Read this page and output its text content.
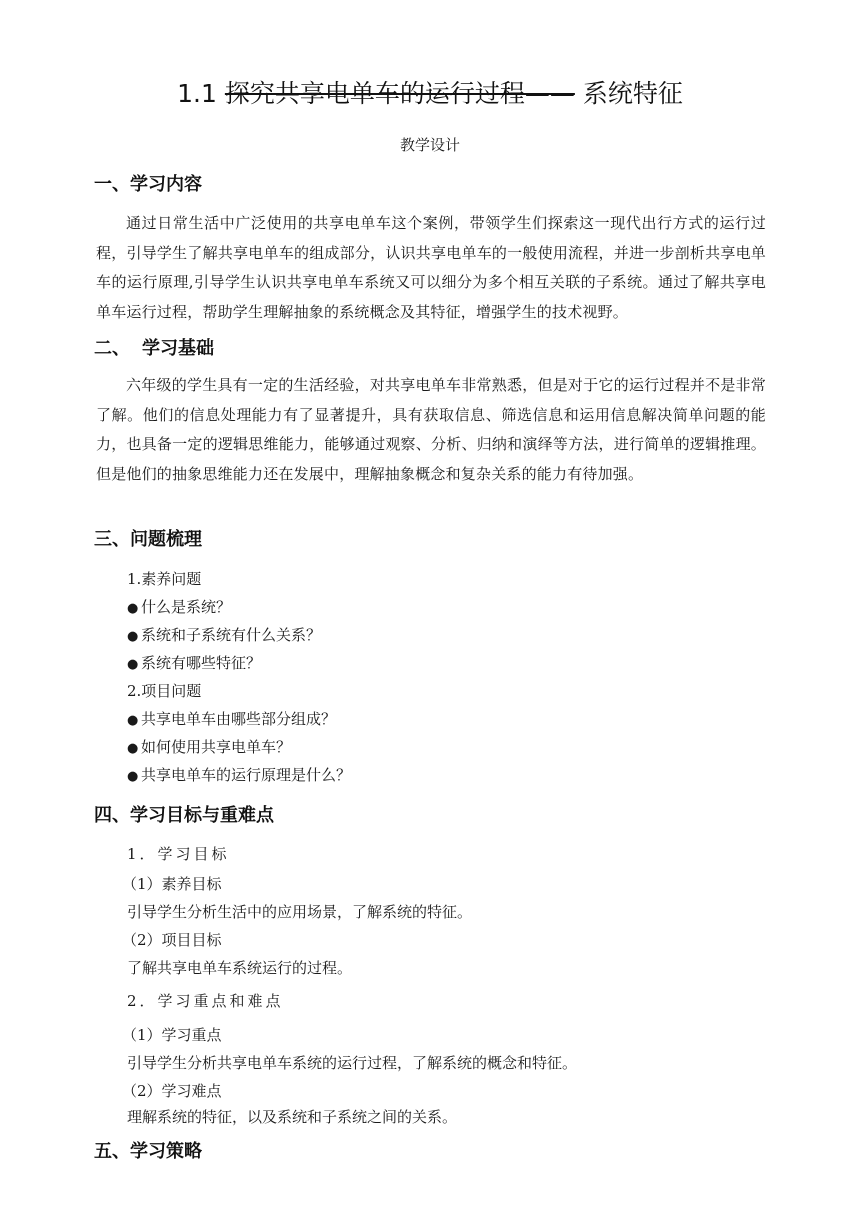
1.1 探究共享电单车的运行过程—— 系统特征
教学设计
一、学习内容
通过日常生活中广泛使用的共享电单车这个案例，带领学生们探索这一现代出行方式的运行过程，引导学生了解共享电单车的组成部分，认识共享电单车的一般使用流程，并进一步剖析共享电单车的运行原理,引导学生认识共享电单车系统又可以细分为多个相互关联的子系统。通过了解共享电单车运行过程，帮助学生理解抽象的系统概念及其特征，增强学生的技术视野。
二、 学习基础
六年级的学生具有一定的生活经验，对共享电单车非常熟悉，但是对于它的运行过程并不是非常了解。他们的信息处理能力有了显著提升，具有获取信息、筛选信息和运用信息解决简单问题的能力，也具备一定的逻辑思维能力，能够通过观察、分析、归纳和演绎等方法，进行简单的逻辑推理。但是他们的抽象思维能力还在发展中，理解抽象概念和复杂关系的能力有待加强。
三、问题梳理
1.素养问题
● 什么是系统？
● 系统和子系统有什么关系？
● 系统有哪些特征？
2.项目问题
● 共享电单车由哪些部分组成？
● 如何使用共享电单车？
● 共享电单车的运行原理是什么？
四、学习目标与重难点
1．学习目标
（1）素养目标
引导学生分析生活中的应用场景，了解系统的特征。
（2）项目目标
了解共享电单车系统运行的过程。
2．学习重点和难点
（1）学习重点
引导学生分析共享电单车系统的运行过程，了解系统的概念和特征。
（2）学习难点
理解系统的特征，以及系统和子系统之间的关系。
五、学习策略
